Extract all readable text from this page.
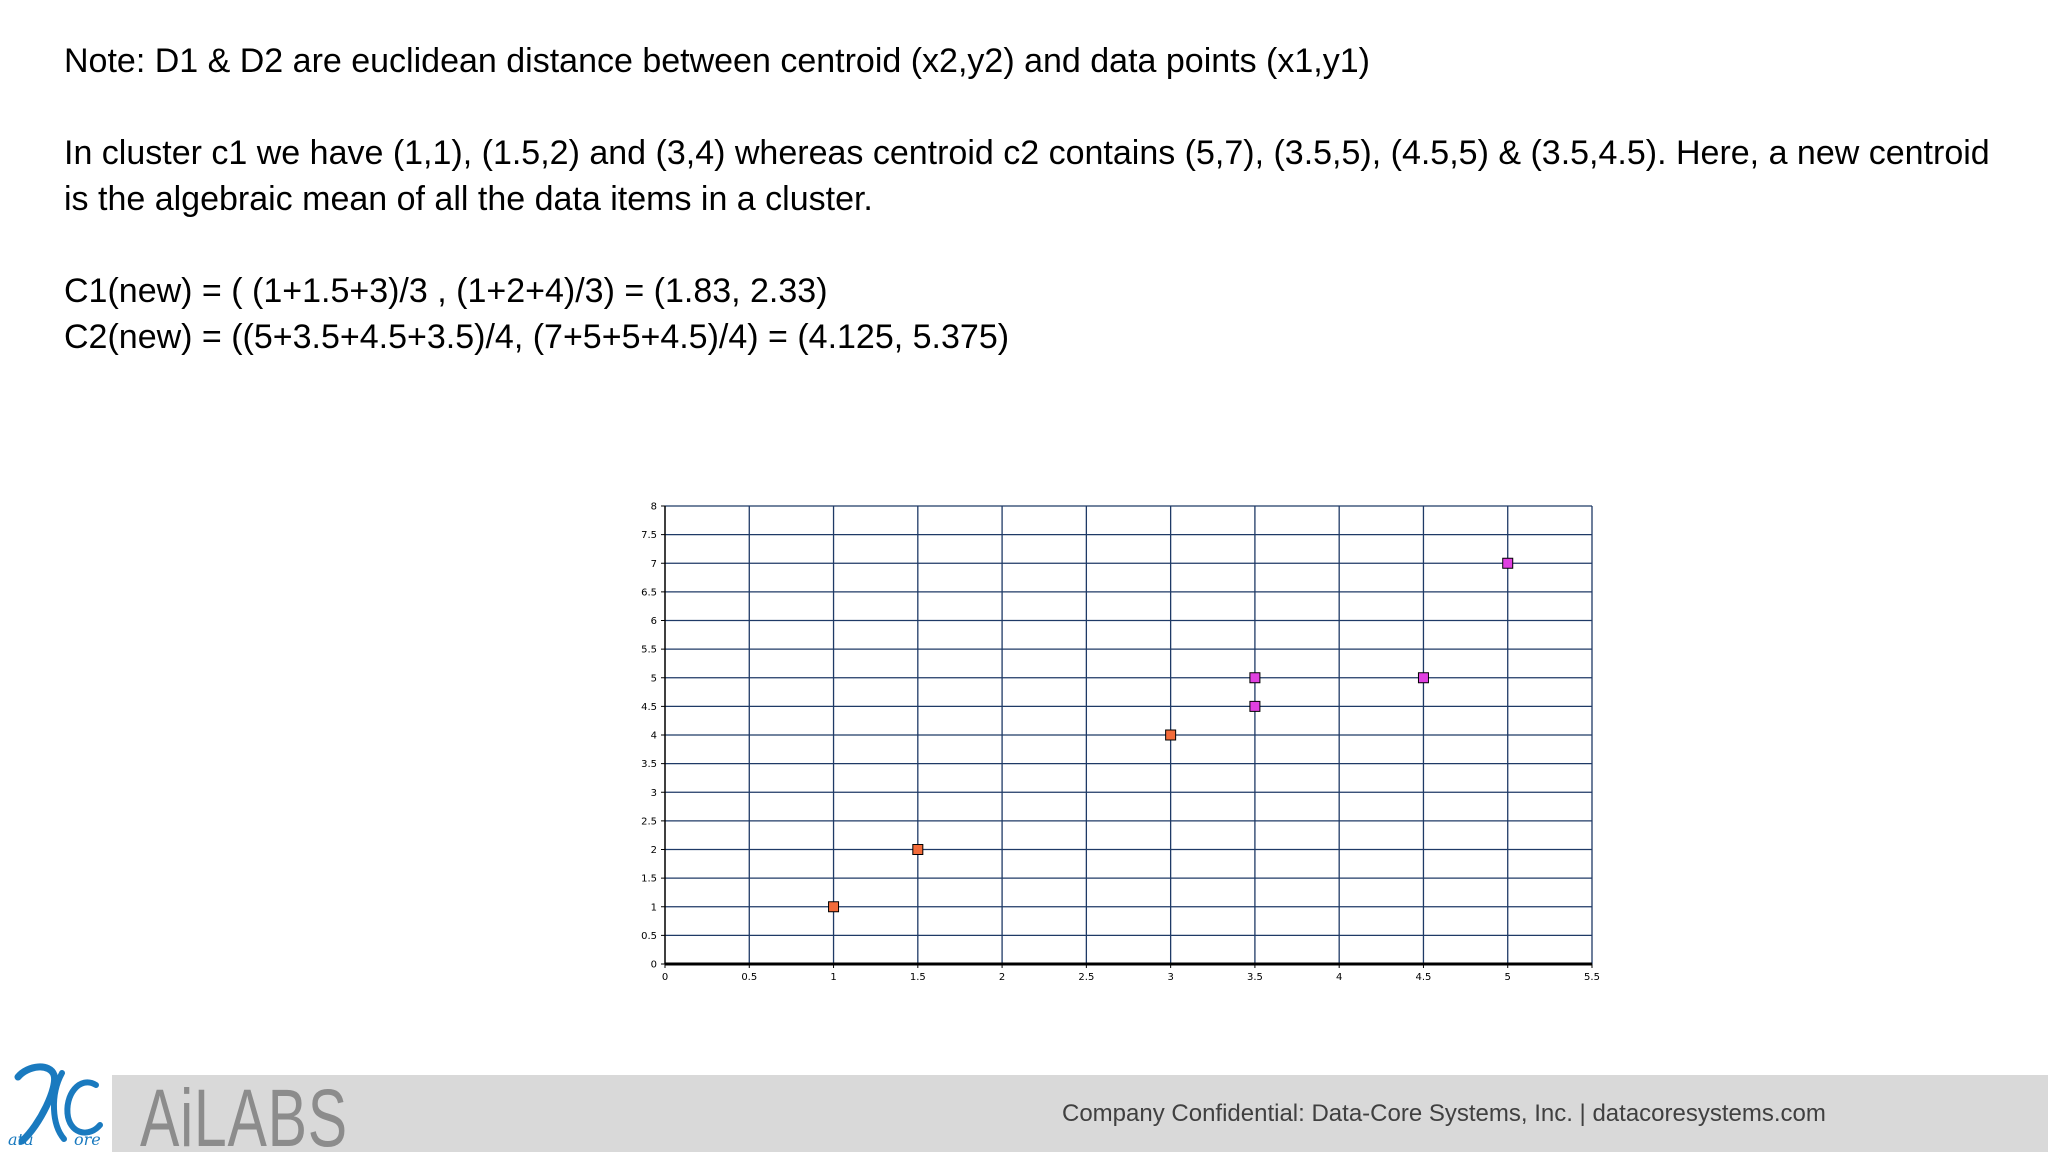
Note: D1 & D2 are euclidean distance between centroid (x2,y2) and data points (x1,y1)
In cluster c1 we have (1,1), (1.5,2) and (3,4) whereas centroid c2 contains (5,7), (3.5,5), (4.5,5) & (3.5,4.5). Here, a new centroid is the algebraic mean of all the data items in a cluster.
C1(new) = ( (1+1.5+3)/3 , (1+2+4)/3) = (1.83, 2.33)
C2(new) = ((5+3.5+4.5+3.5)/4, (7+5+5+4.5)/4) = (4.125, 5.375)
0	0.5	1	1.5	2	2.5	3	3.5	4	4.5	5	5.5
0
0.5
1
1.5
2
2.5
3
3.5
4
4.5
5
5.5
6
6.5
7
7.5
8
ata	ore AiLABS	Company Confidential: Data-Core Systems, Inc. | datacoresystems.com
